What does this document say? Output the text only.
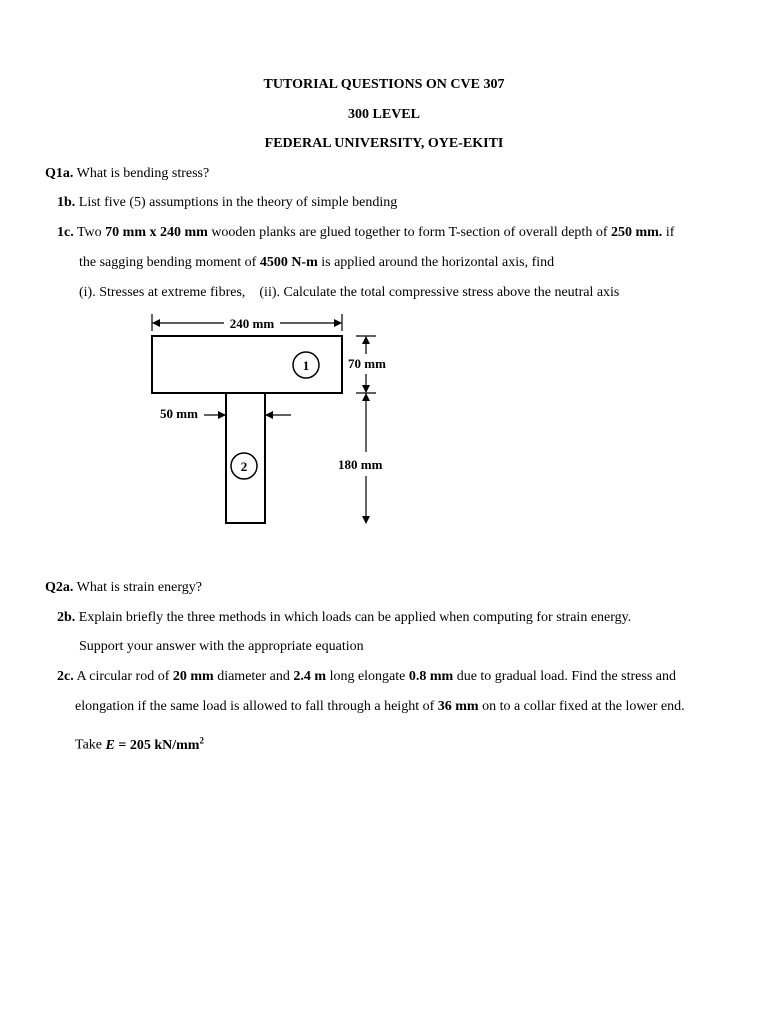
TUTORIAL QUESTIONS ON CVE 307
300 LEVEL
FEDERAL UNIVERSITY, OYE-EKITI
Q1a. What is bending stress?
1b. List five (5) assumptions in the theory of simple bending
1c. Two 70 mm x 240 mm wooden planks are glued together to form T-section of overall depth of 250 mm. if
the sagging bending moment of 4500 N-m is applied around the horizontal axis, find
(i). Stresses at extreme fibres,    (ii). Calculate the total compressive stress above the neutral axis
240 mm
1	70 mm
50 mm
2	180 mm
Q2a. What is strain energy?
2b. Explain briefly the three methods in which loads can be applied when computing for strain energy.
Support your answer with the appropriate equation
2c. A circular rod of 20 mm diameter and 2.4 m long elongate 0.8 mm due to gradual load. Find the stress and
elongation if the same load is allowed to fall through a height of 36 mm on to a collar fixed at the lower end.
Take E = 205 $kN/mm^2$
